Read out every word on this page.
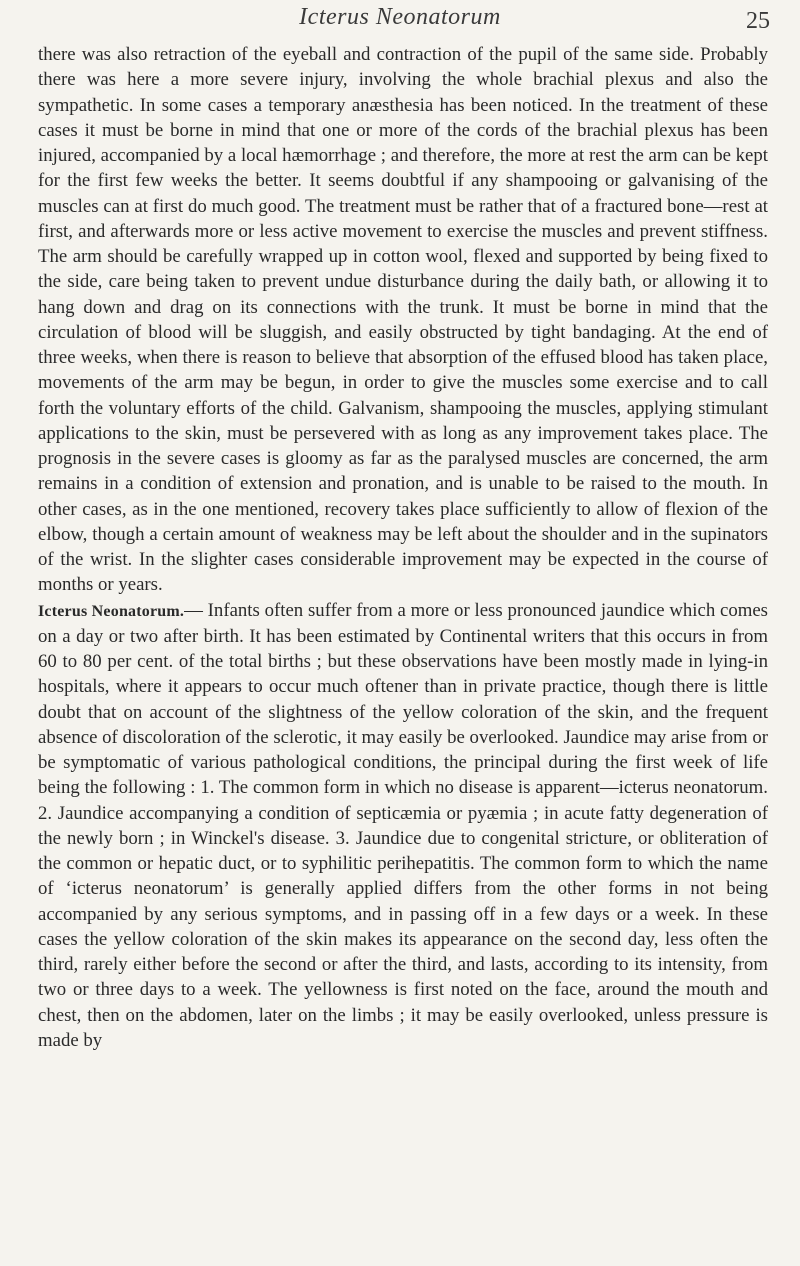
Icterus Neonatorum	25

there was also retraction of the eyeball and contraction of the pupil of the same side. Probably there was here a more severe injury, involving the whole brachial plexus and also the sympathetic. In some cases a temporary anæsthesia has been noticed. In the treatment of these cases it must be borne in mind that one or more of the cords of the brachial plexus has been injured, accompanied by a local hæmorrhage ; and therefore, the more at rest the arm can be kept for the first few weeks the better. It seems doubtful if any shampooing or galvanising of the muscles can at first do much good. The treatment must be rather that of a fractured bone—rest at first, and afterwards more or less active movement to exercise the muscles and prevent stiffness. The arm should be carefully wrapped up in cotton wool, flexed and supported by being fixed to the side, care being taken to prevent undue disturbance during the daily bath, or allowing it to hang down and drag on its connections with the trunk. It must be borne in mind that the circulation of blood will be sluggish, and easily obstructed by tight bandaging. At the end of three weeks, when there is reason to believe that absorption of the effused blood has taken place, movements of the arm may be begun, in order to give the muscles some exercise and to call forth the voluntary efforts of the child. Galvanism, shampooing the muscles, applying stimulant applications to the skin, must be persevered with as long as any improvement takes place. The prognosis in the severe cases is gloomy as far as the paralysed muscles are concerned, the arm remains in a condition of extension and pronation, and is unable to be raised to the mouth. In other cases, as in the one mentioned, recovery takes place sufficiently to allow of flexion of the elbow, though a certain amount of weakness may be left about the shoulder and in the supinators of the wrist. In the slighter cases considerable improvement may be expected in the course of months or years.

Icterus Neonatorum.— Infants often suffer from a more or less pronounced jaundice which comes on a day or two after birth. It has been estimated by Continental writers that this occurs in from 60 to 80 per cent. of the total births ; but these observations have been mostly made in lying-in hospitals, where it appears to occur much oftener than in private practice, though there is little doubt that on account of the slightness of the yellow coloration of the skin, and the frequent absence of discoloration of the sclerotic, it may easily be overlooked. Jaundice may arise from or be symptomatic of various pathological conditions, the principal during the first week of life being the following : 1. The common form in which no disease is apparent—icterus neonatorum. 2. Jaundice accompanying a condition of septicæmia or pyæmia ; in acute fatty degeneration of the newly born ; in Winckel's disease. 3. Jaundice due to congenital stricture, or obliteration of the common or hepatic duct, or to syphilitic perihepatitis. The common form to which the name of ‘icterus neonatorum’ is generally applied differs from the other forms in not being accompanied by any serious symptoms, and in passing off in a few days or a week. In these cases the yellow coloration of the skin makes its appearance on the second day, less often the third, rarely either before the second or after the third, and lasts, according to its intensity, from two or three days to a week. The yellowness is first noted on the face, around the mouth and chest, then on the abdomen, later on the limbs ; it may be easily overlooked, unless pressure is made by
